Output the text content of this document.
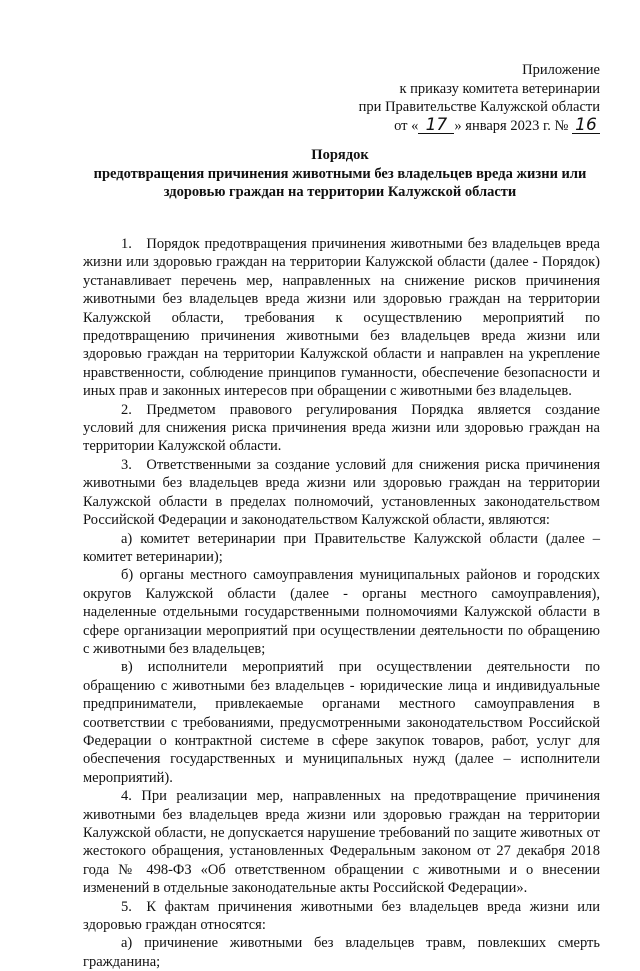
Приложение
к приказу комитета ветеринарии
при Правительстве Калужской области
от « 17 » января 2023 г. № 16
Порядок
предотвращения причинения животными без владельцев вреда жизни или
здоровью граждан на территории Калужской области

1. Порядок предотвращения причинения животными без владельцев вреда жизни или здоровью граждан на территории Калужской области (далее - Порядок) устанавливает перечень мер, направленных на снижение рисков причинения животными без владельцев вреда жизни или здоровью граждан на территории Калужской области, требования к осуществлению мероприятий по предотвращению причинения животными без владельцев вреда жизни или здоровью граждан на территории Калужской области и направлен на укрепление нравственности, соблюдение принципов гуманности, обеспечение безопасности и иных прав и законных интересов при обращении с животными без владельцев.

2. Предметом правового регулирования Порядка является создание условий для снижения риска причинения вреда жизни или здоровью граждан на территории Калужской области.

3. Ответственными за создание условий для снижения риска причинения животными без владельцев вреда жизни или здоровью граждан на территории Калужской области в пределах полномочий, установленных законодательством Российской Федерации и законодательством Калужской области, являются:

а) комитет ветеринарии при Правительстве Калужской области (далее – комитет ветеринарии);

б) органы местного самоуправления муниципальных районов и городских округов Калужской области (далее - органы местного самоуправления), наделенные отдельными государственными полномочиями Калужской области в сфере организации мероприятий при осуществлении деятельности по обращению с животными без владельцев;

в) исполнители мероприятий при осуществлении деятельности по обращению с животными без владельцев - юридические лица и индивидуальные предприниматели, привлекаемые органами местного самоуправления в соответствии с требованиями, предусмотренными законодательством Российской Федерации о контрактной системе в сфере закупок товаров, работ, услуг для обеспечения государственных и муниципальных нужд (далее – исполнители мероприятий).

4. При реализации мер, направленных на предотвращение причинения животными без владельцев вреда жизни или здоровью граждан на территории Калужской области, не допускается нарушение требований по защите животных от жестокого обращения, установленных Федеральным законом от 27 декабря 2018 года № 498-ФЗ «Об ответственном обращении с животными и о внесении изменений в отдельные законодательные акты Российской Федерации».

5. К фактам причинения животными без владельцев вреда жизни или здоровью граждан относятся:

а) причинение животными без владельцев травм, повлекших смерть гражданина;
